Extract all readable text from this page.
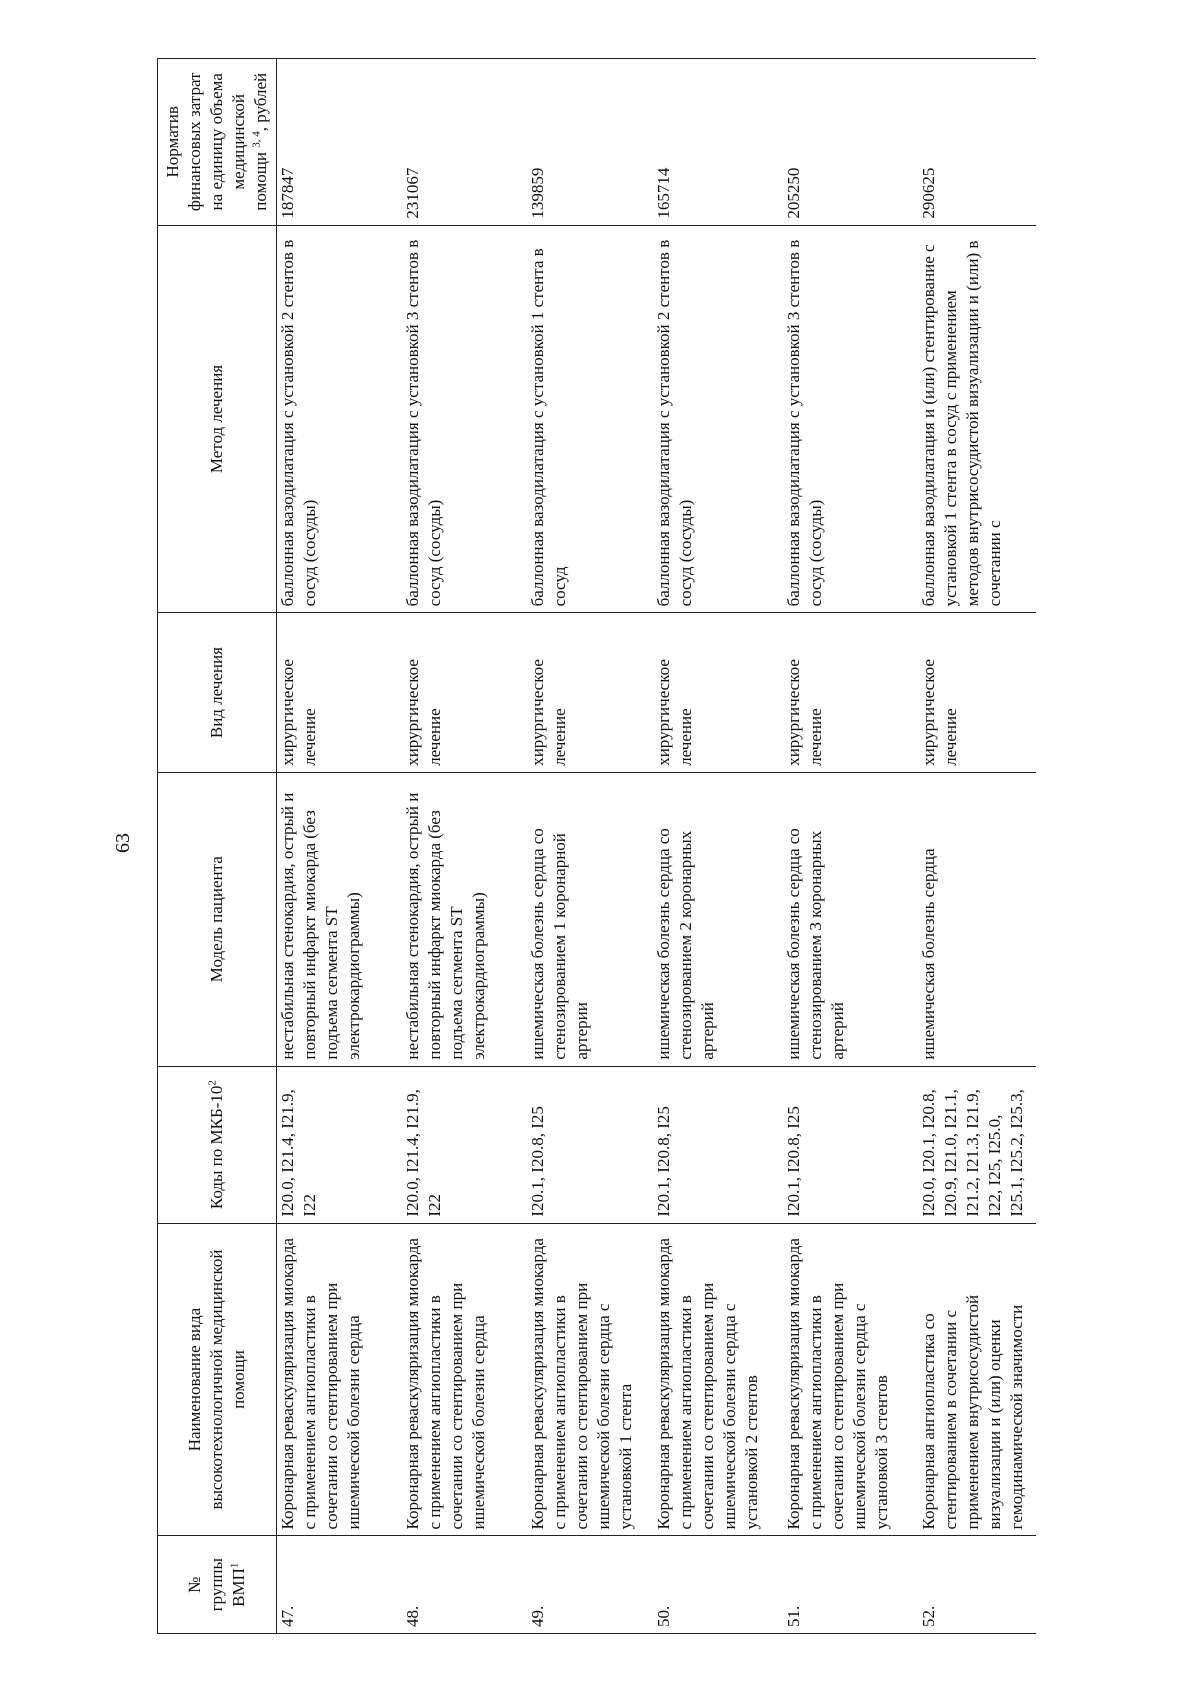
63
№ группы ВМП$^1$	Наименование вида высокотехнологичной медицинской помощи	Коды по МКБ-$10^2$	Модель пациента	Вид лечения	Метод лечения	Норматив финансовых затрат на единицу объема медицинской помощи $^{3, 4}$, рублей
47.	Коронарная реваскуляризация миокарда с применением ангиопластики в сочетании со стентированием при ишемической болезни сердца	I20.0, I21.4, I21.9, I22	нестабильная стенокардия, острый и повторный инфаркт миокарда (без подъема сегмента ST электрокардиограммы)	хирургическое лечение	баллонная вазодилатация с установкой 2 стентов в сосуд (сосуды)	187847
48.	Коронарная реваскуляризация миокарда с применением ангиопластики в сочетании со стентированием при ишемической болезни сердца	I20.0, I21.4, I21.9, I22	нестабильная стенокардия, острый и повторный инфаркт миокарда (без подъема сегмента ST электрокардиограммы)	хирургическое лечение	баллонная вазодилатация с установкой 3 стентов в сосуд (сосуды)	231067
49.	Коронарная реваскуляризация миокарда с применением ангиопластики в сочетании со стентированием при ишемической болезни сердца с установкой 1 стента	I20.1, I20.8, I25	ишемическая болезнь сердца со стенозированием 1 коронарной артерии	хирургическое лечение	баллонная вазодилатация с установкой 1 стента в сосуд	139859
50.	Коронарная реваскуляризация миокарда с применением ангиопластики в сочетании со стентированием при ишемической болезни сердца с установкой 2 стентов	I20.1, I20.8, I25	ишемическая болезнь сердца со стенозированием 2 коронарных артерий	хирургическое лечение	баллонная вазодилатация с установкой 2 стентов в сосуд (сосуды)	165714
51.	Коронарная реваскуляризация миокарда с применением ангиопластики в сочетании со стентированием при ишемической болезни сердца с установкой 3 стентов	I20.1, I20.8, I25	ишемическая болезнь сердца со стенозированием 3 коронарных артерий	хирургическое лечение	баллонная вазодилатация с установкой 3 стентов в сосуд (сосуды)	205250
52.	Коронарная ангиопластика со стентированием в сочетании с применением внутрисосудистой визуализации и (или) оценки гемодинамической значимости	I20.0, I20.1, I20.8, I20.9, I21.0, I21.1, I21.2, I21.3, I21.9, I22, I25, I25.0, I25.1, I25.2, I25.3,	ишемическая болезнь сердца	хирургическое лечение	баллонная вазодилатация и (или) стентирование с установкой 1 стента в сосуд с применением методов внутрисосудистой визуализации и (или) в сочетании с	290625
